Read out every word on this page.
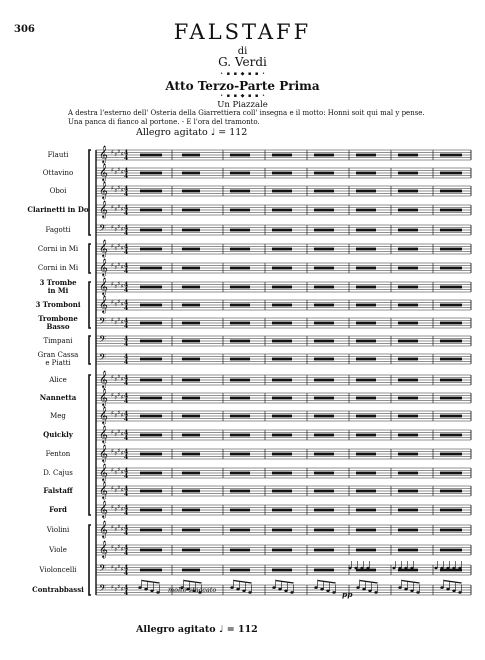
306	FALSTAFF
di
G. Verdi
• ▪ ▪ ◆ ▪ ▪ •
Atto Terzo-Parte Prima
• ▪ ▪ ◆ ▪ ▪ •
Un Piazzale
A destra l'esterno dell' Osteria della Giarrettiera coll' insegna e il motto: Honni soit qui mal y pense.
Una panca di fianco al portone. - E l'ora del tramonto.
Allegro agitato ♩ = 112
𝄞 ♯ ♯ ♯ ♯ 4
4
𝄞 ♯ ♯ ♯ ♯ 4
4
𝄞 ♯ ♯ ♯ ♯ 4
4
𝄞 ♯ ♯ ♯ ♯ 4
4
𝄢 ♯ ♯ ♯ ♯ 4
4
𝄞 ♯ ♯ ♯ ♯ 4
4
𝄞 ♯ ♯ ♯ ♯ 4
4
𝄞 ♯ ♯ ♯ ♯ 4
4
𝄞 ♯ ♯ ♯ ♯ 4
4
𝄢 ♯ ♯ ♯ ♯ 4
4
𝄢	4
4
𝄢	4
4
𝄞 ♯ ♯ ♯ ♯ 4
4
𝄞 ♯ ♯ ♯ ♯ 4
4
𝄞 ♯ ♯ ♯ ♯ 4
4
𝄞 ♯ ♯ ♯ ♯ 4
4
𝄞 ♯ ♯ ♯ ♯ 4
4
𝄞 ♯ ♯ ♯ ♯ 4
4
𝄞 ♯ ♯ ♯ ♯ 4
4
𝄞 ♯ ♯ ♯ ♯ 4
4
𝄞 ♯ ♯ ♯ ♯ 4
4
𝄞 ♯ ♯ ♯ ♯ 4
4
𝄢 ♯ ♯ ♯ ♯ 4
4
𝄢 ♯ ♯ ♯ ♯ 4
4
Flauti
Ottavino
Oboi
Clarinetti in Do
Fagotti
Corni in Mi
Corni in Mi
3 Trombe
in Mi
3 Tromboni
Trombone
Basso
Timpani
Gran Cassa
e Piatti
Alice
Nannetta
Meg
Quickly
Fenton
D. Cajus
Falstaff
Ford
Violini
Viole
Violoncelli
Contrabbassi	molto staccato	pp
Allegro agitato ♩ = 112
